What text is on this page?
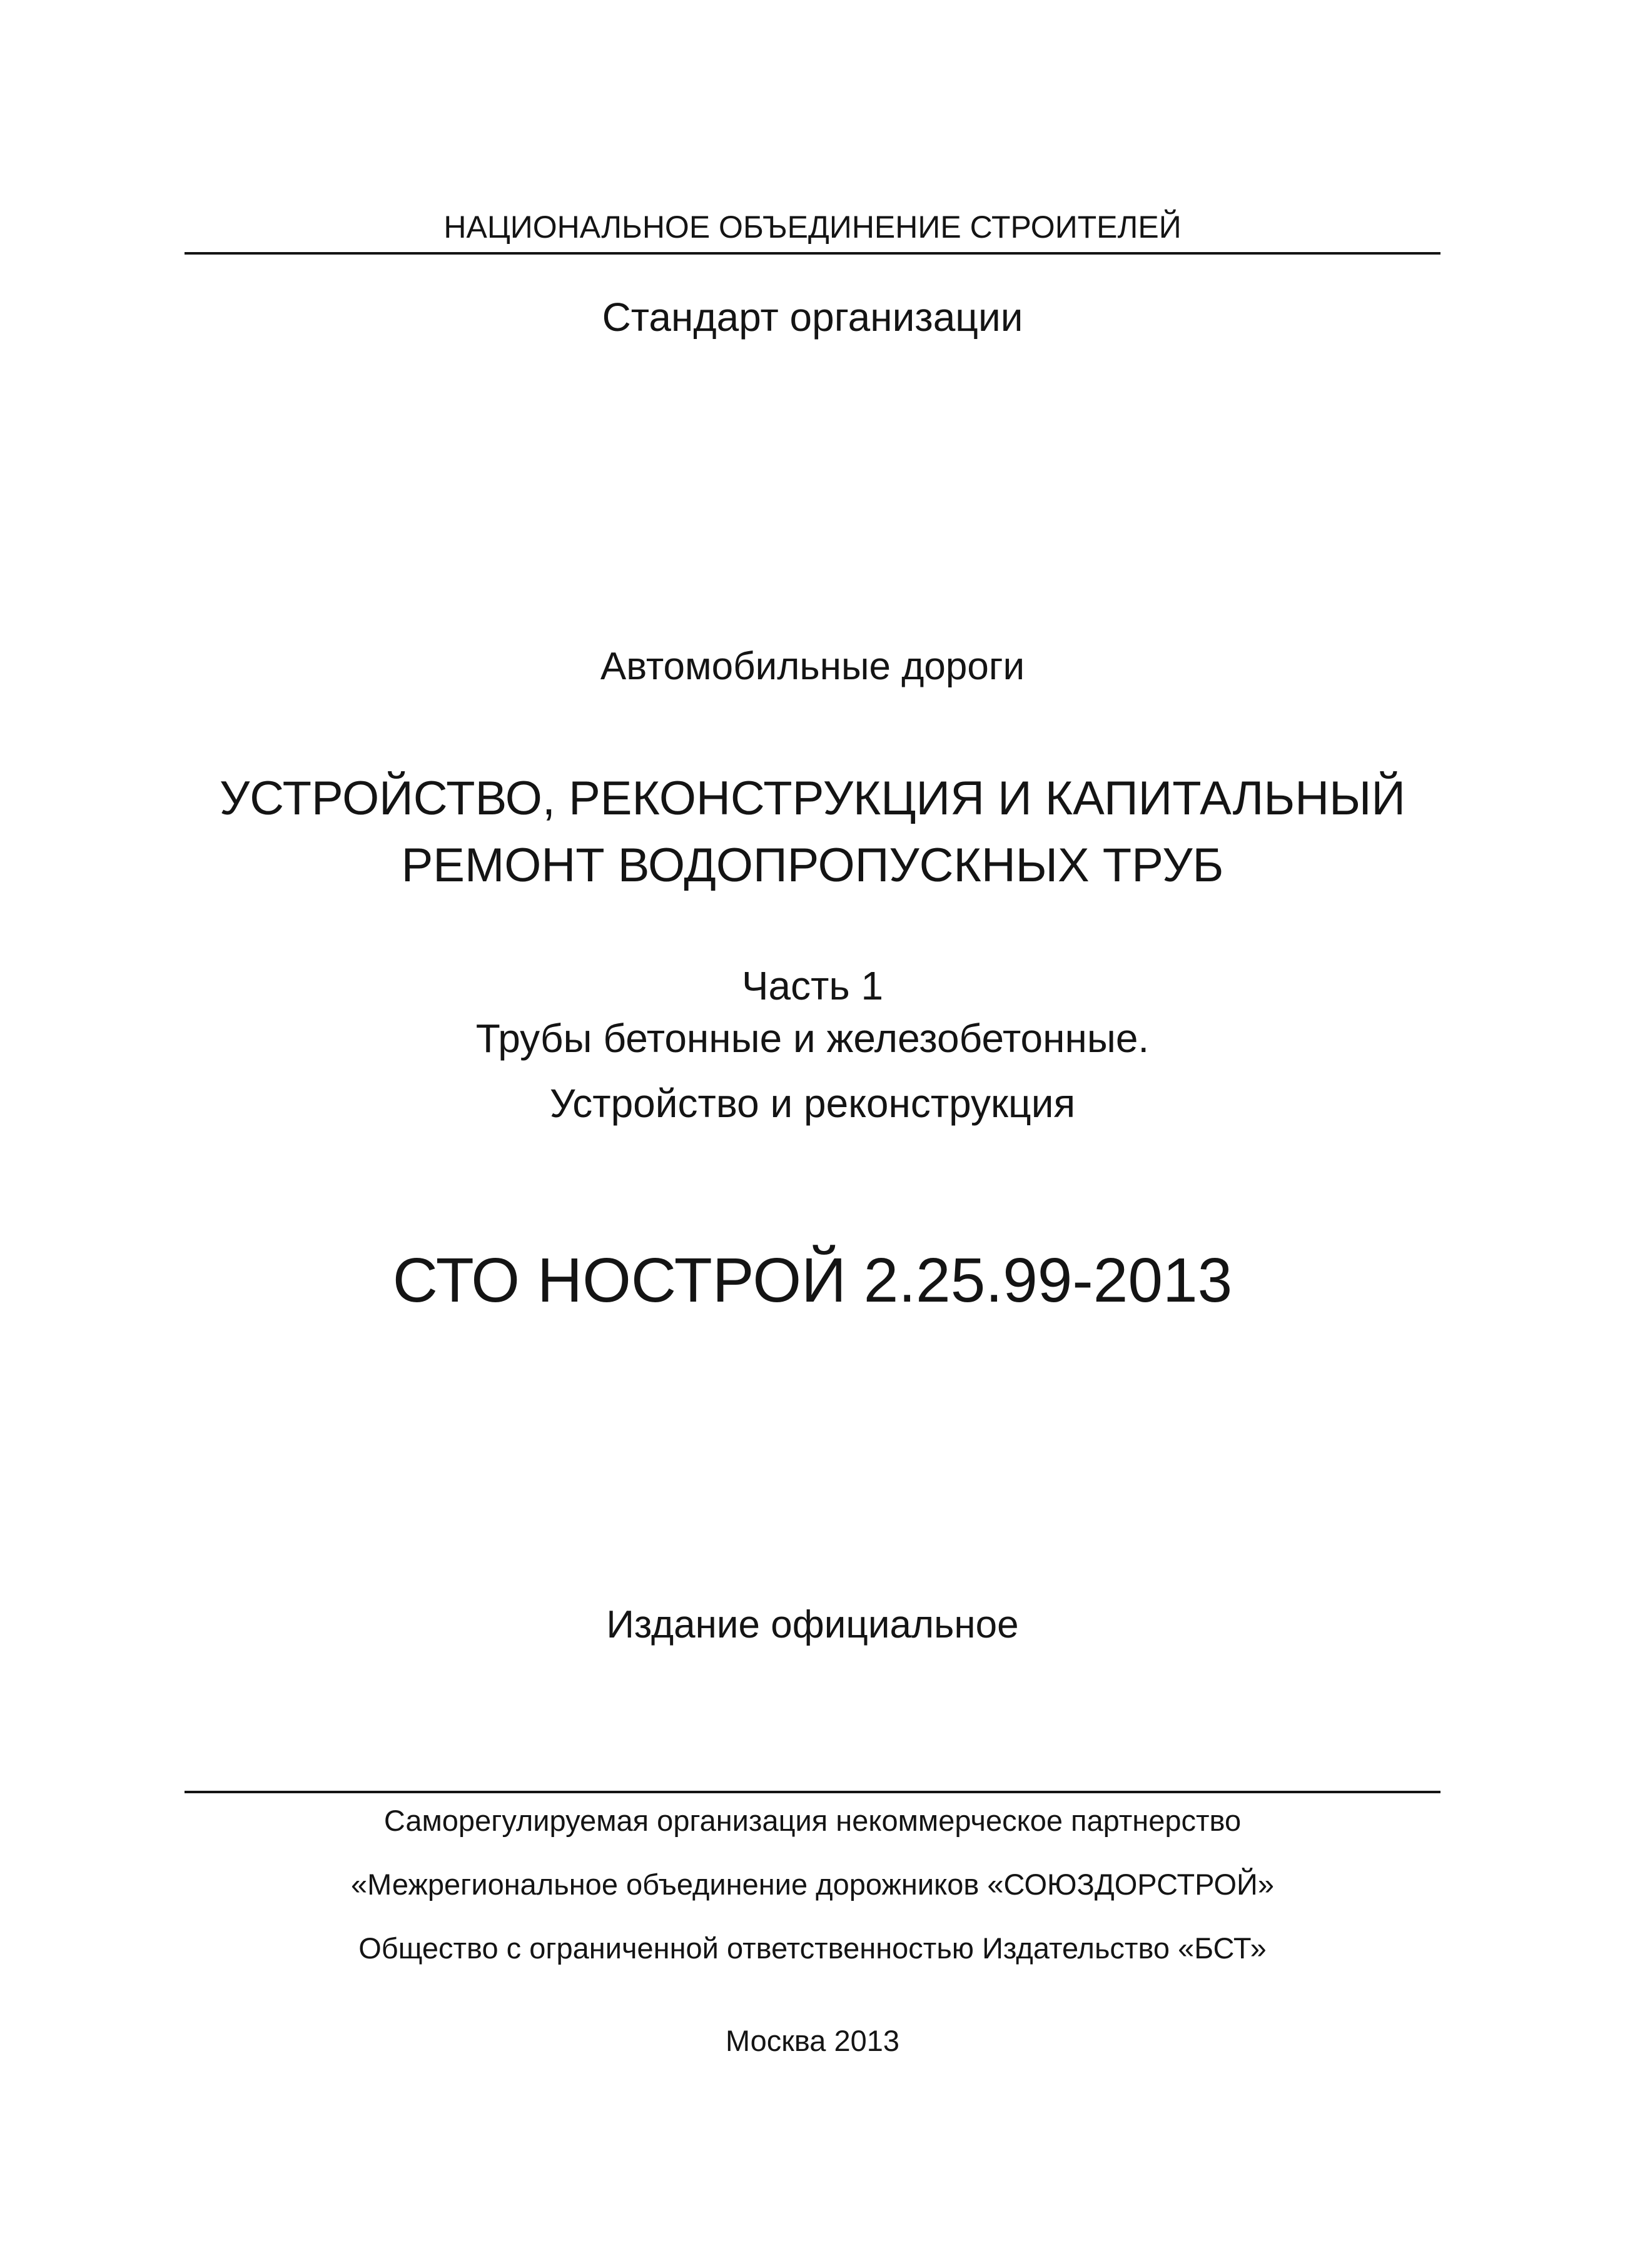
НАЦИОНАЛЬНОЕ ОБЪЕДИНЕНИЕ СТРОИТЕЛЕЙ
Стандарт организации
Автомобильные дороги
УСТРОЙСТВО, РЕКОНСТРУКЦИЯ И КАПИТАЛЬНЫЙ
РЕМОНТ ВОДОПРОПУСКНЫХ ТРУБ
Часть 1
Трубы бетонные и железобетонные.
Устройство и реконструкция
СТО НОСТРОЙ 2.25.99-2013
Издание официальное
Саморегулируемая организация некоммерческое партнерство
«Межрегиональное объединение дорожников «СОЮЗДОРСТРОЙ»
Общество с ограниченной ответственностью Издательство «БСТ»
Москва 2013
